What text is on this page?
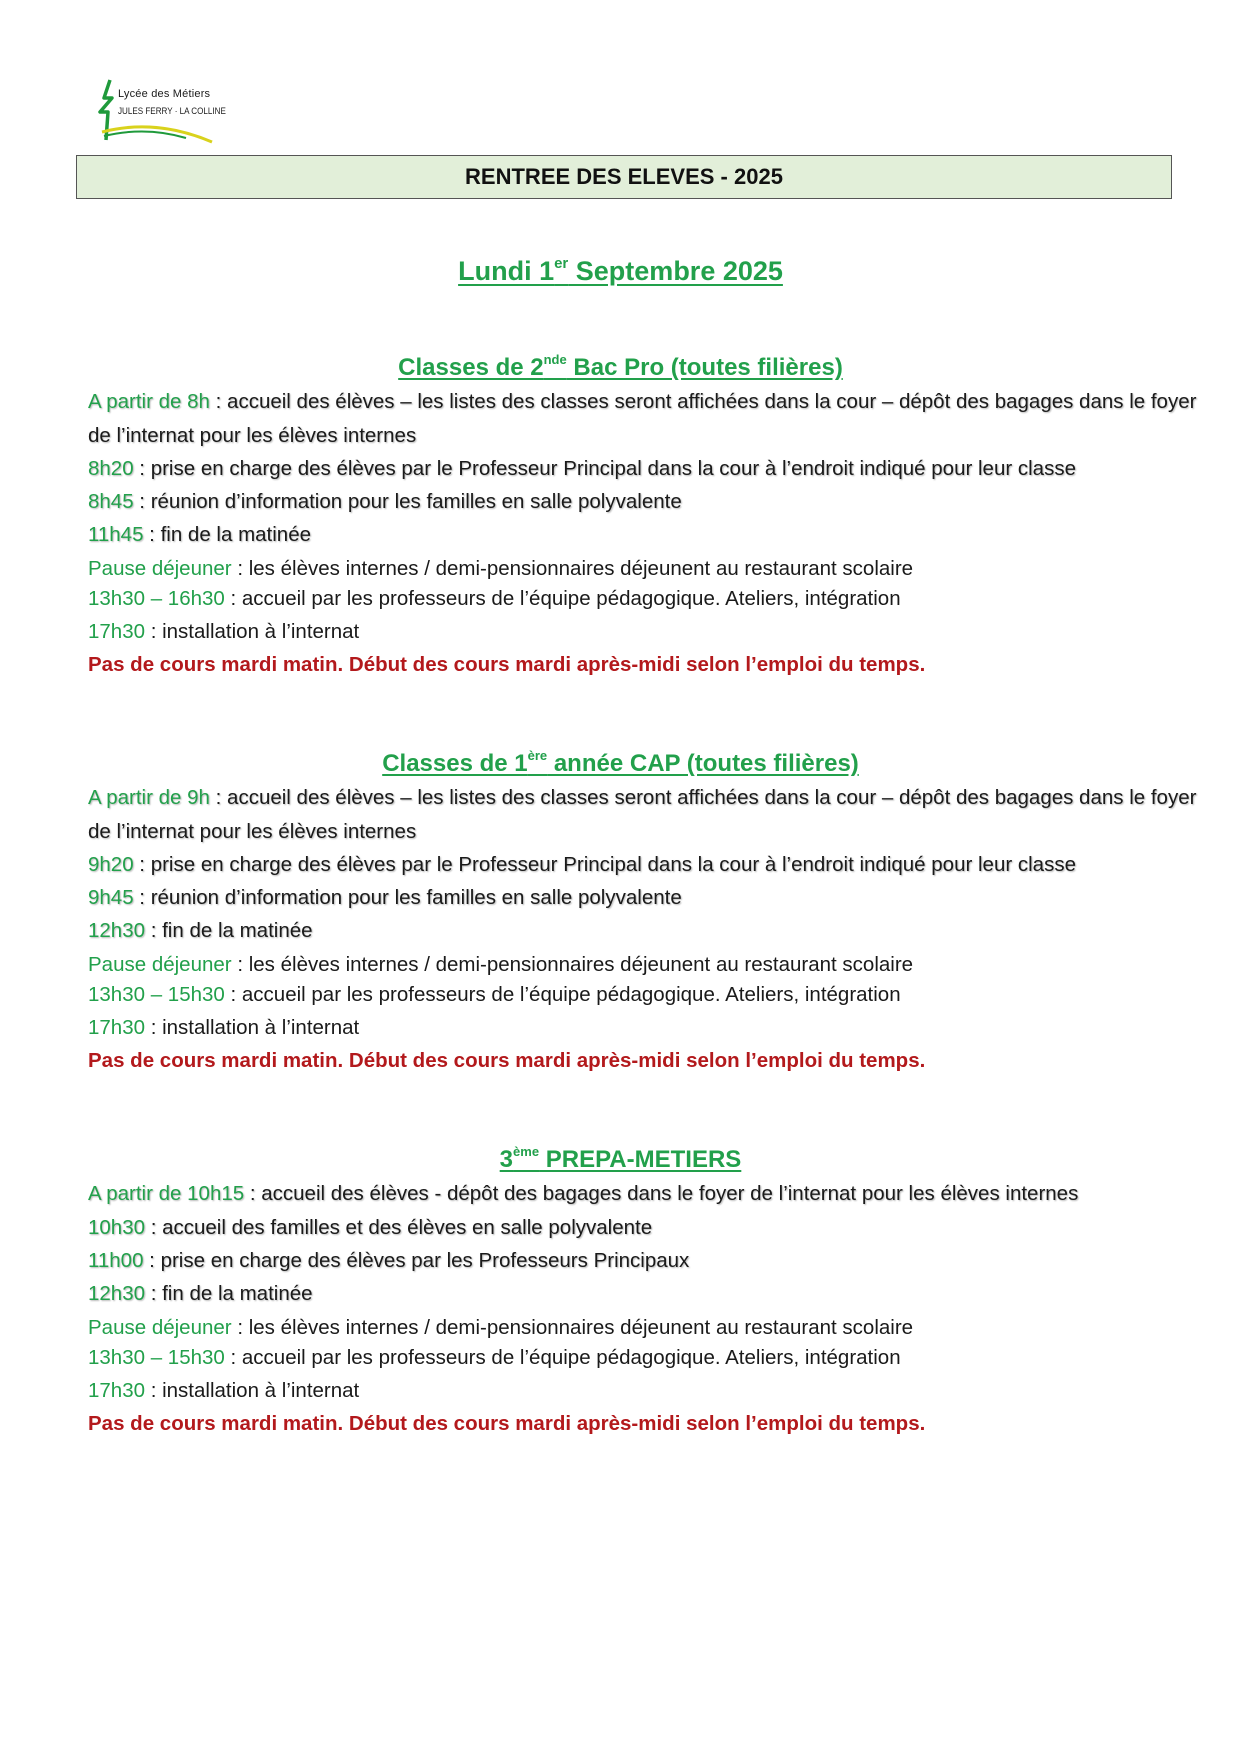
Lycée des Métiers
JULES FERRY · LA COLLINE
RENTREE DES ELEVES - 2025
Lundi 1er Septembre 2025
Classes de 2nde Bac Pro (toutes filières)
A partir de 8h : accueil des élèves – les listes des classes seront affichées dans la cour – dépôt des bagages dans le foyer de l’internat pour les élèves internes
8h20 : prise en charge des élèves par le Professeur Principal dans la cour à l’endroit indiqué pour leur classe
8h45 : réunion d’information pour les familles en salle polyvalente
11h45 : fin de la matinée
Pause déjeuner : les élèves internes / demi-pensionnaires déjeunent au restaurant scolaire
13h30 – 16h30 : accueil par les professeurs de l’équipe pédagogique. Ateliers, intégration
17h30 : installation à l’internat
Pas de cours mardi matin. Début des cours mardi après-midi selon l’emploi du temps.
Classes de 1ère année CAP (toutes filières)
A partir de 9h : accueil des élèves – les listes des classes seront affichées dans la cour – dépôt des bagages dans le foyer de l’internat pour les élèves internes
9h20 : prise en charge des élèves par le Professeur Principal dans la cour à l’endroit indiqué pour leur classe
9h45 : réunion d’information pour les familles en salle polyvalente
12h30 : fin de la matinée
Pause déjeuner : les élèves internes / demi-pensionnaires déjeunent au restaurant scolaire
13h30 – 15h30 : accueil par les professeurs de l’équipe pédagogique. Ateliers, intégration
17h30 : installation à l’internat
Pas de cours mardi matin. Début des cours mardi après-midi selon l’emploi du temps.
3ème PREPA-METIERS
A partir de 10h15 : accueil des élèves - dépôt des bagages dans le foyer de l’internat pour les élèves internes
10h30 : accueil des familles et des élèves en salle polyvalente
11h00 : prise en charge des élèves par les Professeurs Principaux
12h30 : fin de la matinée
Pause déjeuner : les élèves internes / demi-pensionnaires déjeunent au restaurant scolaire
13h30 – 15h30 : accueil par les professeurs de l’équipe pédagogique. Ateliers, intégration
17h30 : installation à l’internat
Pas de cours mardi matin. Début des cours mardi après-midi selon l’emploi du temps.
